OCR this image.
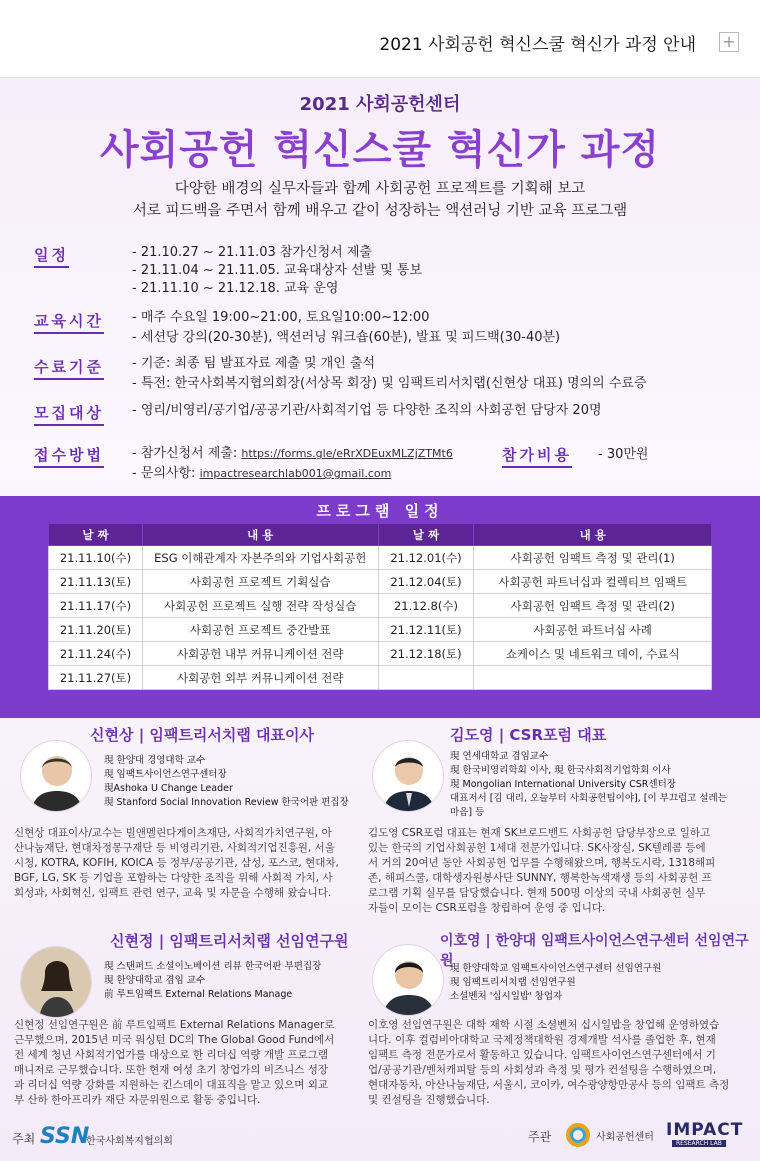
2021 사회공헌 혁신스쿨 혁신가 과정 안내 +
2021 사회공헌센터
사회공헌 혁신스쿨 혁신가 과정
다양한 배경의 실무자들과 함께 사회공헌 프로젝트를 기획해 보고
서로 피드백을 주면서 함께 배우고 같이 성장하는 액션러닝 기반 교육 프로그램
일정	- 21.10.27 ~ 21.11.03 참가신청서 제출
- 21.11.04 ~ 21.11.05. 교육대상자 선발 및 통보
- 21.11.10 ~ 21.12.18. 교육 운영
교육시간 - 매주 수요일 19:00~21:00, 토요일10:00~12:00
- 세션당 강의(20-30분), 액션러닝 워크숍(60분), 발표 및 피드백(30-40분)
수료기준 - 기준: 최종 팀 발표자료 제출 및 개인 출석
- 특전: 한국사회복지협의회장(서상목 회장) 및 임팩트리서치랩(신현상 대표) 명의의 수료증
모집대상 - 영리/비영리/공기업/공공기관/사회적기업 등 다양한 조직의 사회공헌 담당자 20명
접수방법 - 참가신청서 제출: https://forms.gle/eRrXDEuxMLZjZTMt6
- 문의사항: impactresearchlab001@gmail.com
참가비용 - 30만원
프로그램 일정
날 짜	내 용	날 짜	내 용
21.11.10(수)	ESG 이해관계자 자본주의와 기업사회공헌	21.12.01(수)	사회공헌 임팩트 측정 및 관리(1)
21.11.13(토)	사회공헌 프로젝트 기획실습	21.12.04(토)	사회공헌 파트너십과 컬렉티브 임팩트
21.11.17(수)	사회공헌 프로젝트 실행 전략 작성실습	21.12.8(수)	사회공헌 임팩트 측정 및 관리(2)
21.11.20(토)	사회공헌 프로젝트 중간발표	21.12.11(토)	사회공헌 파트너십 사례
21.11.24(수)	사회공헌 내부 커뮤니케이션 전략	21.12.18(토)	쇼케이스 및 네트워크 데이, 수료식
21.11.27(토)	사회공헌 외부 커뮤니케이션 전략		
신현상 | 임팩트리서치랩 대표이사
現 한양대 경영대학 교수
現 임팩트사이언스연구센터장
現Ashoka U Change Leader
現 Stanford Social Innovation Review 한국어판 편집장
신현상 대표이사/교수는 빌앤멜린다게이츠재단, 사회적가치연구원, 아
산나눔재단, 현대차정몽구재단 등 비영리기관, 사회적기업진흥원, 서울
시청, KOTRA, KOFIH, KOICA 등 정부/공공기관, 삼성, 포스코, 현대차,
BGF, LG, SK 등 기업을 포함하는 다양한 조직을 위해 사회적 가치, 사
회성과, 사회혁신, 임팩트 관련 연구, 교육 및 자문을 수행해 왔습니다.
김도영 | CSR포럼 대표
現 연세대학교 겸임교수
現 한국비영리학회 이사, 現 한국사회적기업학회 이사
現 Mongolian International University CSR센터장
대표저서 [김 대리, 오늘부터 사회공헌팀이야], [이 부끄럽고 설레는
마음] 등
김도영 CSR포럼 대표는 현재 SK브로드밴드 사회공헌 담당부장으로 일하고
있는 한국의 기업사회공헌 1세대 전문가입니다. SK사장실, SK텔레콤 등에
서 거의 20여년 동안 사회공헌 업무를 수행해왔으며, 행복도시락, 1318해피
존, 해피스쿨, 대학생자원봉사단 SUNNY, 행복한녹색재생 등의 사회공헌 프
로그램 기획 실무를 담당했습니다. 현재 500명 이상의 국내 사회공헌 실무
자들이 모이는 CSR포럼을 창립하여 운영 중 입니다.
신현정 | 임팩트리서치랩 선임연구원
現 스탠퍼드 소셜이노베이션 리뷰 한국어판 부편집장
現 한양대학교 겸임 교수
前 루트임팩트 External Relations Manage
신현정 선임연구원은 前 루트임팩트 External Relations Manager로
근무했으며, 2015년 미국 워싱턴 DC의 The Global Good Fund에서
전 세계 청년 사회적기업가를 대상으로 한 리더십 역량 개발 프로그램
매니저로 근무했습니다. 또한 현재 여성 초기 창업가의 비즈니스 성장
과 리더십 역량 강화를 지원하는 킨스데이 대표직을 맡고 있으며 외교
부 산하 한아프리카 재단 자문위원으로 활동 중입니다.
이호영 | 한양대 임팩트사이언스연구센터 선임연구원
現 한양대학교 임팩트사이언스연구센터 선임연구원
現 임팩트리서치랩 선임연구원
소셜벤처 '십시일밥' 창업자
이호영 선임연구원은 대학 재학 시절 소셜벤처 십시일밥을 창업해 운영하였습
니다. 이후 컬럼비아대학교 국제정책대학원 경제개발 석사를 졸업한 후, 현재
임팩트 측정 전문가로서 활동하고 있습니다. 임팩트사이언스연구센터에서 기
업/공공기관/벤처캐피탈 등의 사회성과 측정 및 평가 컨설팅을 수행하였으며,
현대자동차, 아산나눔재단, 서울시, 코이카, 여수광양항만공사 등의 임팩트 측정
및 컨설팅을 진행했습니다.
주최 SSN
한국사회복지협의회	주관	사회공헌센터 IMPACT
RESEARCH LAB
